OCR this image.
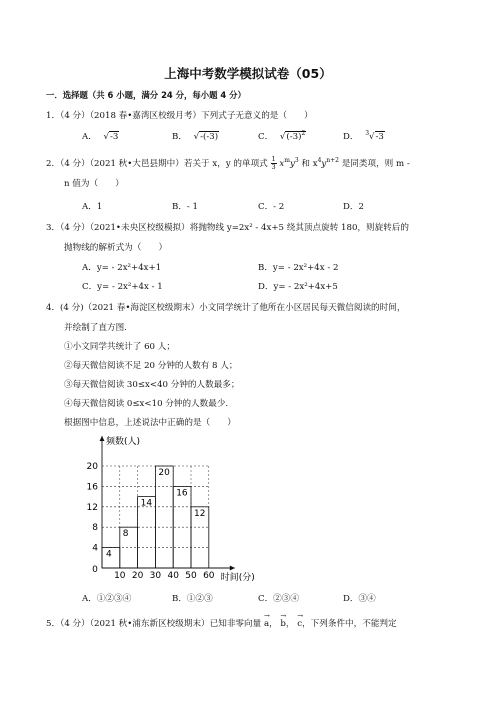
上海中考数学模拟试卷（05）
一．选择题（共 6 小题，满分 24 分，每小题 4 分）
1．（4 分）（2018 春•嘉湾区校级月考）下列式子无意义的是（　　）
A． √-3	B． √-(-3)	C． $√(-3)^2$	D． $^3$√-3
2．（4 分）（2021 秋•大邑县期中）若关于 x，y 的单项式 $\frac{1}{3} x^my^3$ 和 $x^4y^{n+2}$ 是同类项，则 m -
n 值为（　　）
A．1	B．- 1	C．- 2	D．2
3．（4 分）（2021•未央区校级模拟）将抛物线 y=2x² - 4x+5 绕其顶点旋转 180，则旋转后的
抛物线的解析式为（　　）
A．y= - 2x²+4x+1	B．y= - 2x²+4x - 2
C．y= - 2x²+4x - 1	D．y= - 2x²+4x+5
4．(4 分)（2021 春•海淀区校级期末）小文同学统计了他所在小区居民每天微信阅读的时间，
并绘制了直方图.
①小文同学共统计了 60 人；
②每天微信阅读不足 20 分钟的人数有 8 人；
③每天微信阅读 30≤x<40 分钟的人数最多；
④每天微信阅读 0≤x<10 分钟的人数最少.
根据图中信息，上述说法中正确的是（　　）
4
8
14
20
16
12
4
8
12
16
20
10 20 30 40 50 60
0
频数(人)
时间(分)
A．①②③④	B．①②③	C．②③④	D．③④
5．（4 分）（2021 秋•浦东新区校级期末）已知非零向量 → a， → b， → c，下列条件中，不能判定
